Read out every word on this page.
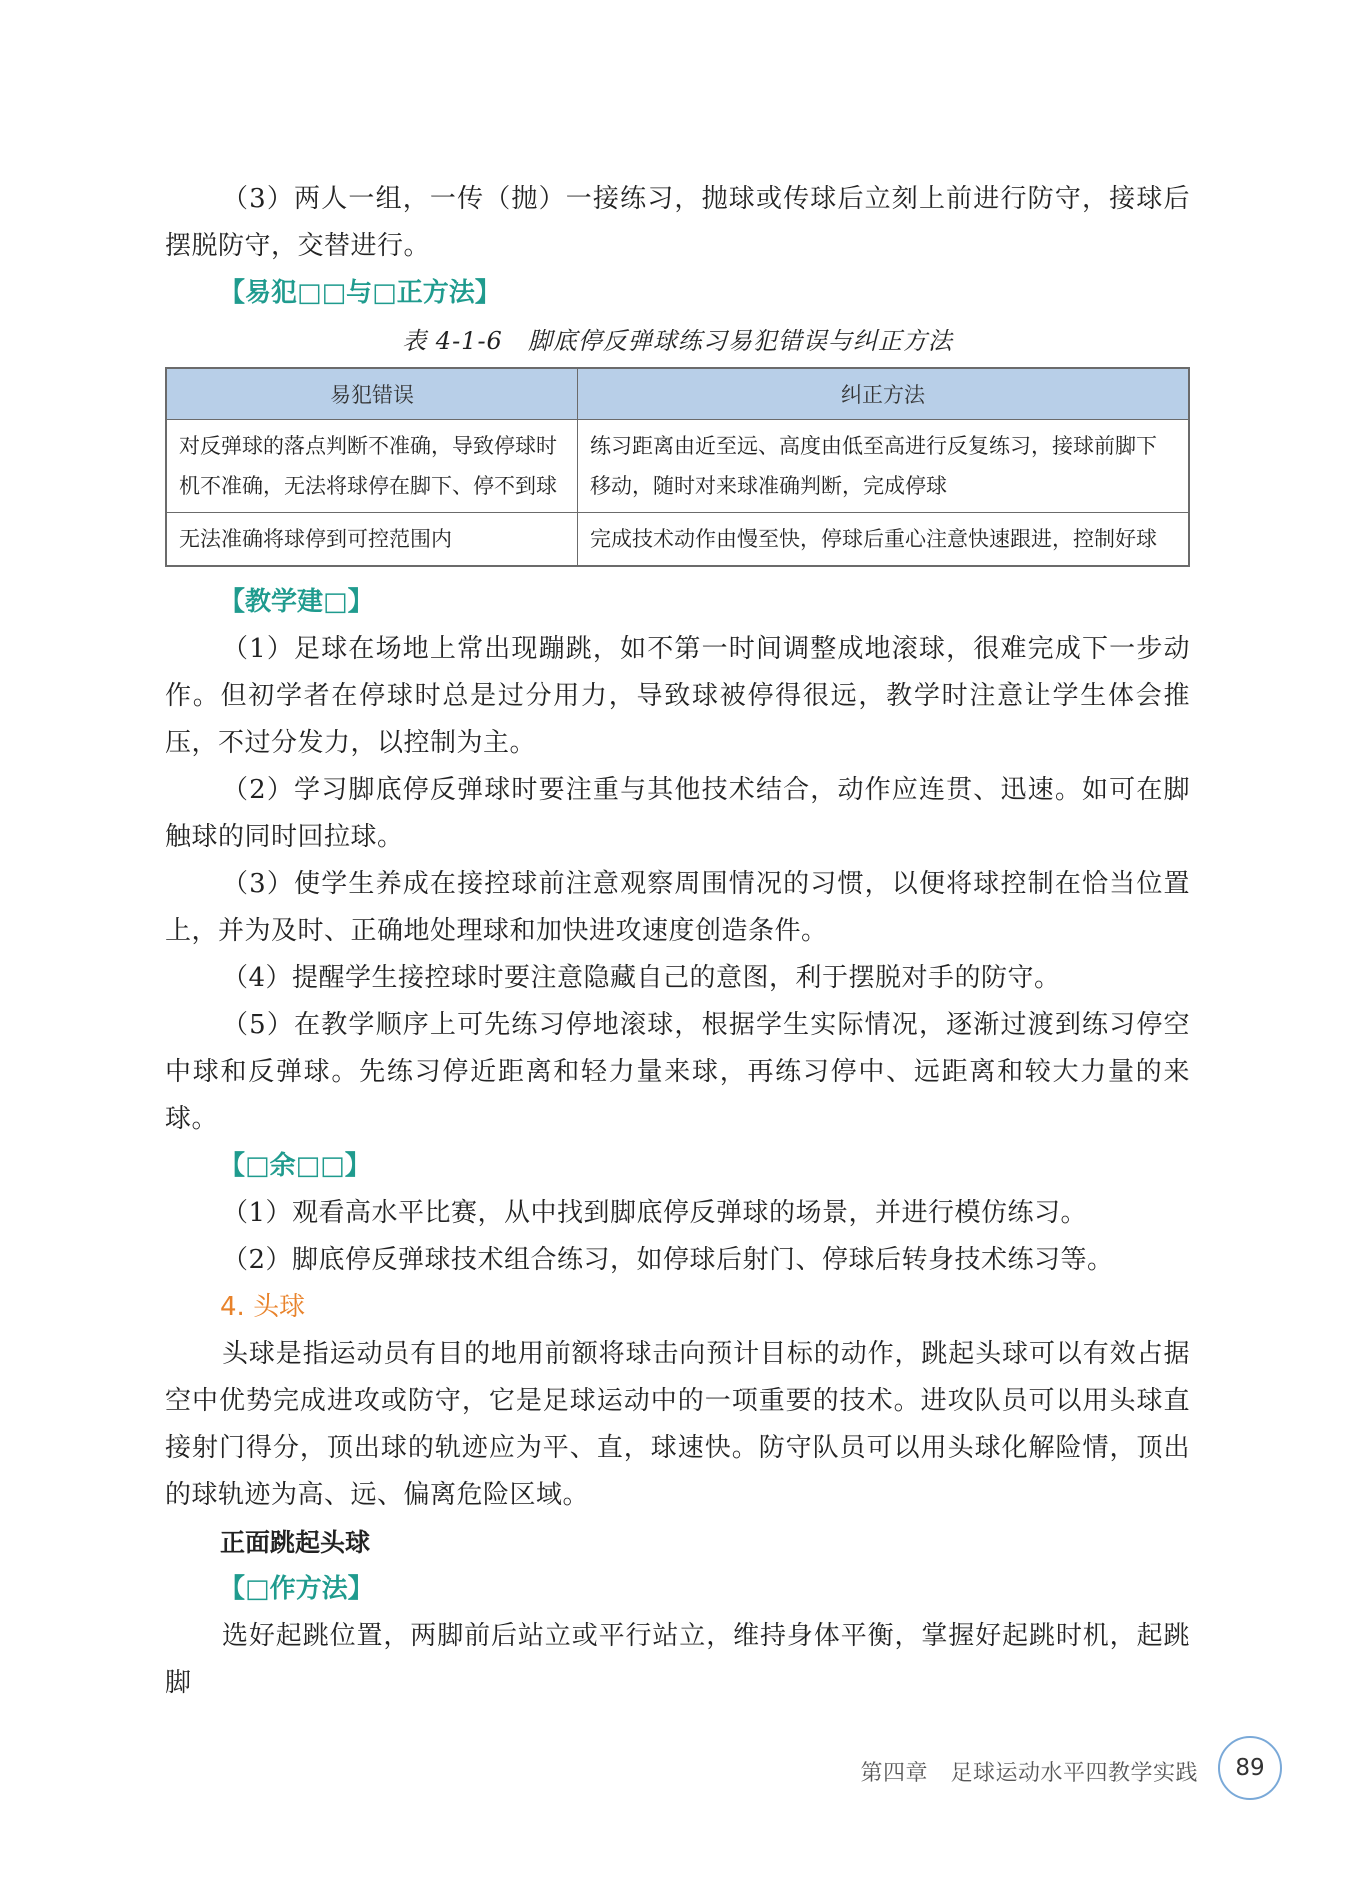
（3）两人一组，一传（抛）一接练习，抛球或传球后立刻上前进行防守，接球后摆脱防守，交替进行。

【易犯□□与□正方法】

表 4-1-6　脚底停反弹球练习易犯错误与纠正方法

易犯错误	纠正方法
对反弹球的落点判断不准确，导致停球时机不准确，无法将球停在脚下、停不到球	练习距离由近至远、高度由低至高进行反复练习，接球前脚下移动，随时对来球准确判断，完成停球
无法准确将球停到可控范围内	完成技术动作由慢至快，停球后重心注意快速跟进，控制好球

【教学建□】

（1）足球在场地上常出现蹦跳，如不第一时间调整成地滚球，很难完成下一步动作。但初学者在停球时总是过分用力，导致球被停得很远，教学时注意让学生体会推压，不过分发力，以控制为主。

（2）学习脚底停反弹球时要注重与其他技术结合，动作应连贯、迅速。如可在脚触球的同时回拉球。

（3）使学生养成在接控球前注意观察周围情况的习惯，以便将球控制在恰当位置上，并为及时、正确地处理球和加快进攻速度创造条件。

（4）提醒学生接控球时要注意隐藏自己的意图，利于摆脱对手的防守。

（5）在教学顺序上可先练习停地滚球，根据学生实际情况，逐渐过渡到练习停空中球和反弹球。先练习停近距离和轻力量来球，再练习停中、远距离和较大力量的来球。

【□余□□】

（1）观看高水平比赛，从中找到脚底停反弹球的场景，并进行模仿练习。

（2）脚底停反弹球技术组合练习，如停球后射门、停球后转身技术练习等。

4. 头球

头球是指运动员有目的地用前额将球击向预计目标的动作，跳起头球可以有效占据空中优势完成进攻或防守，它是足球运动中的一项重要的技术。进攻队员可以用头球直接射门得分，顶出球的轨迹应为平、直，球速快。防守队员可以用头球化解险情，顶出的球轨迹为高、远、偏离危险区域。

正面跳起头球

【□作方法】

选好起跳位置，两脚前后站立或平行站立，维持身体平衡，掌握好起跳时机，起跳脚

第四章　足球运动水平四教学实践	89
